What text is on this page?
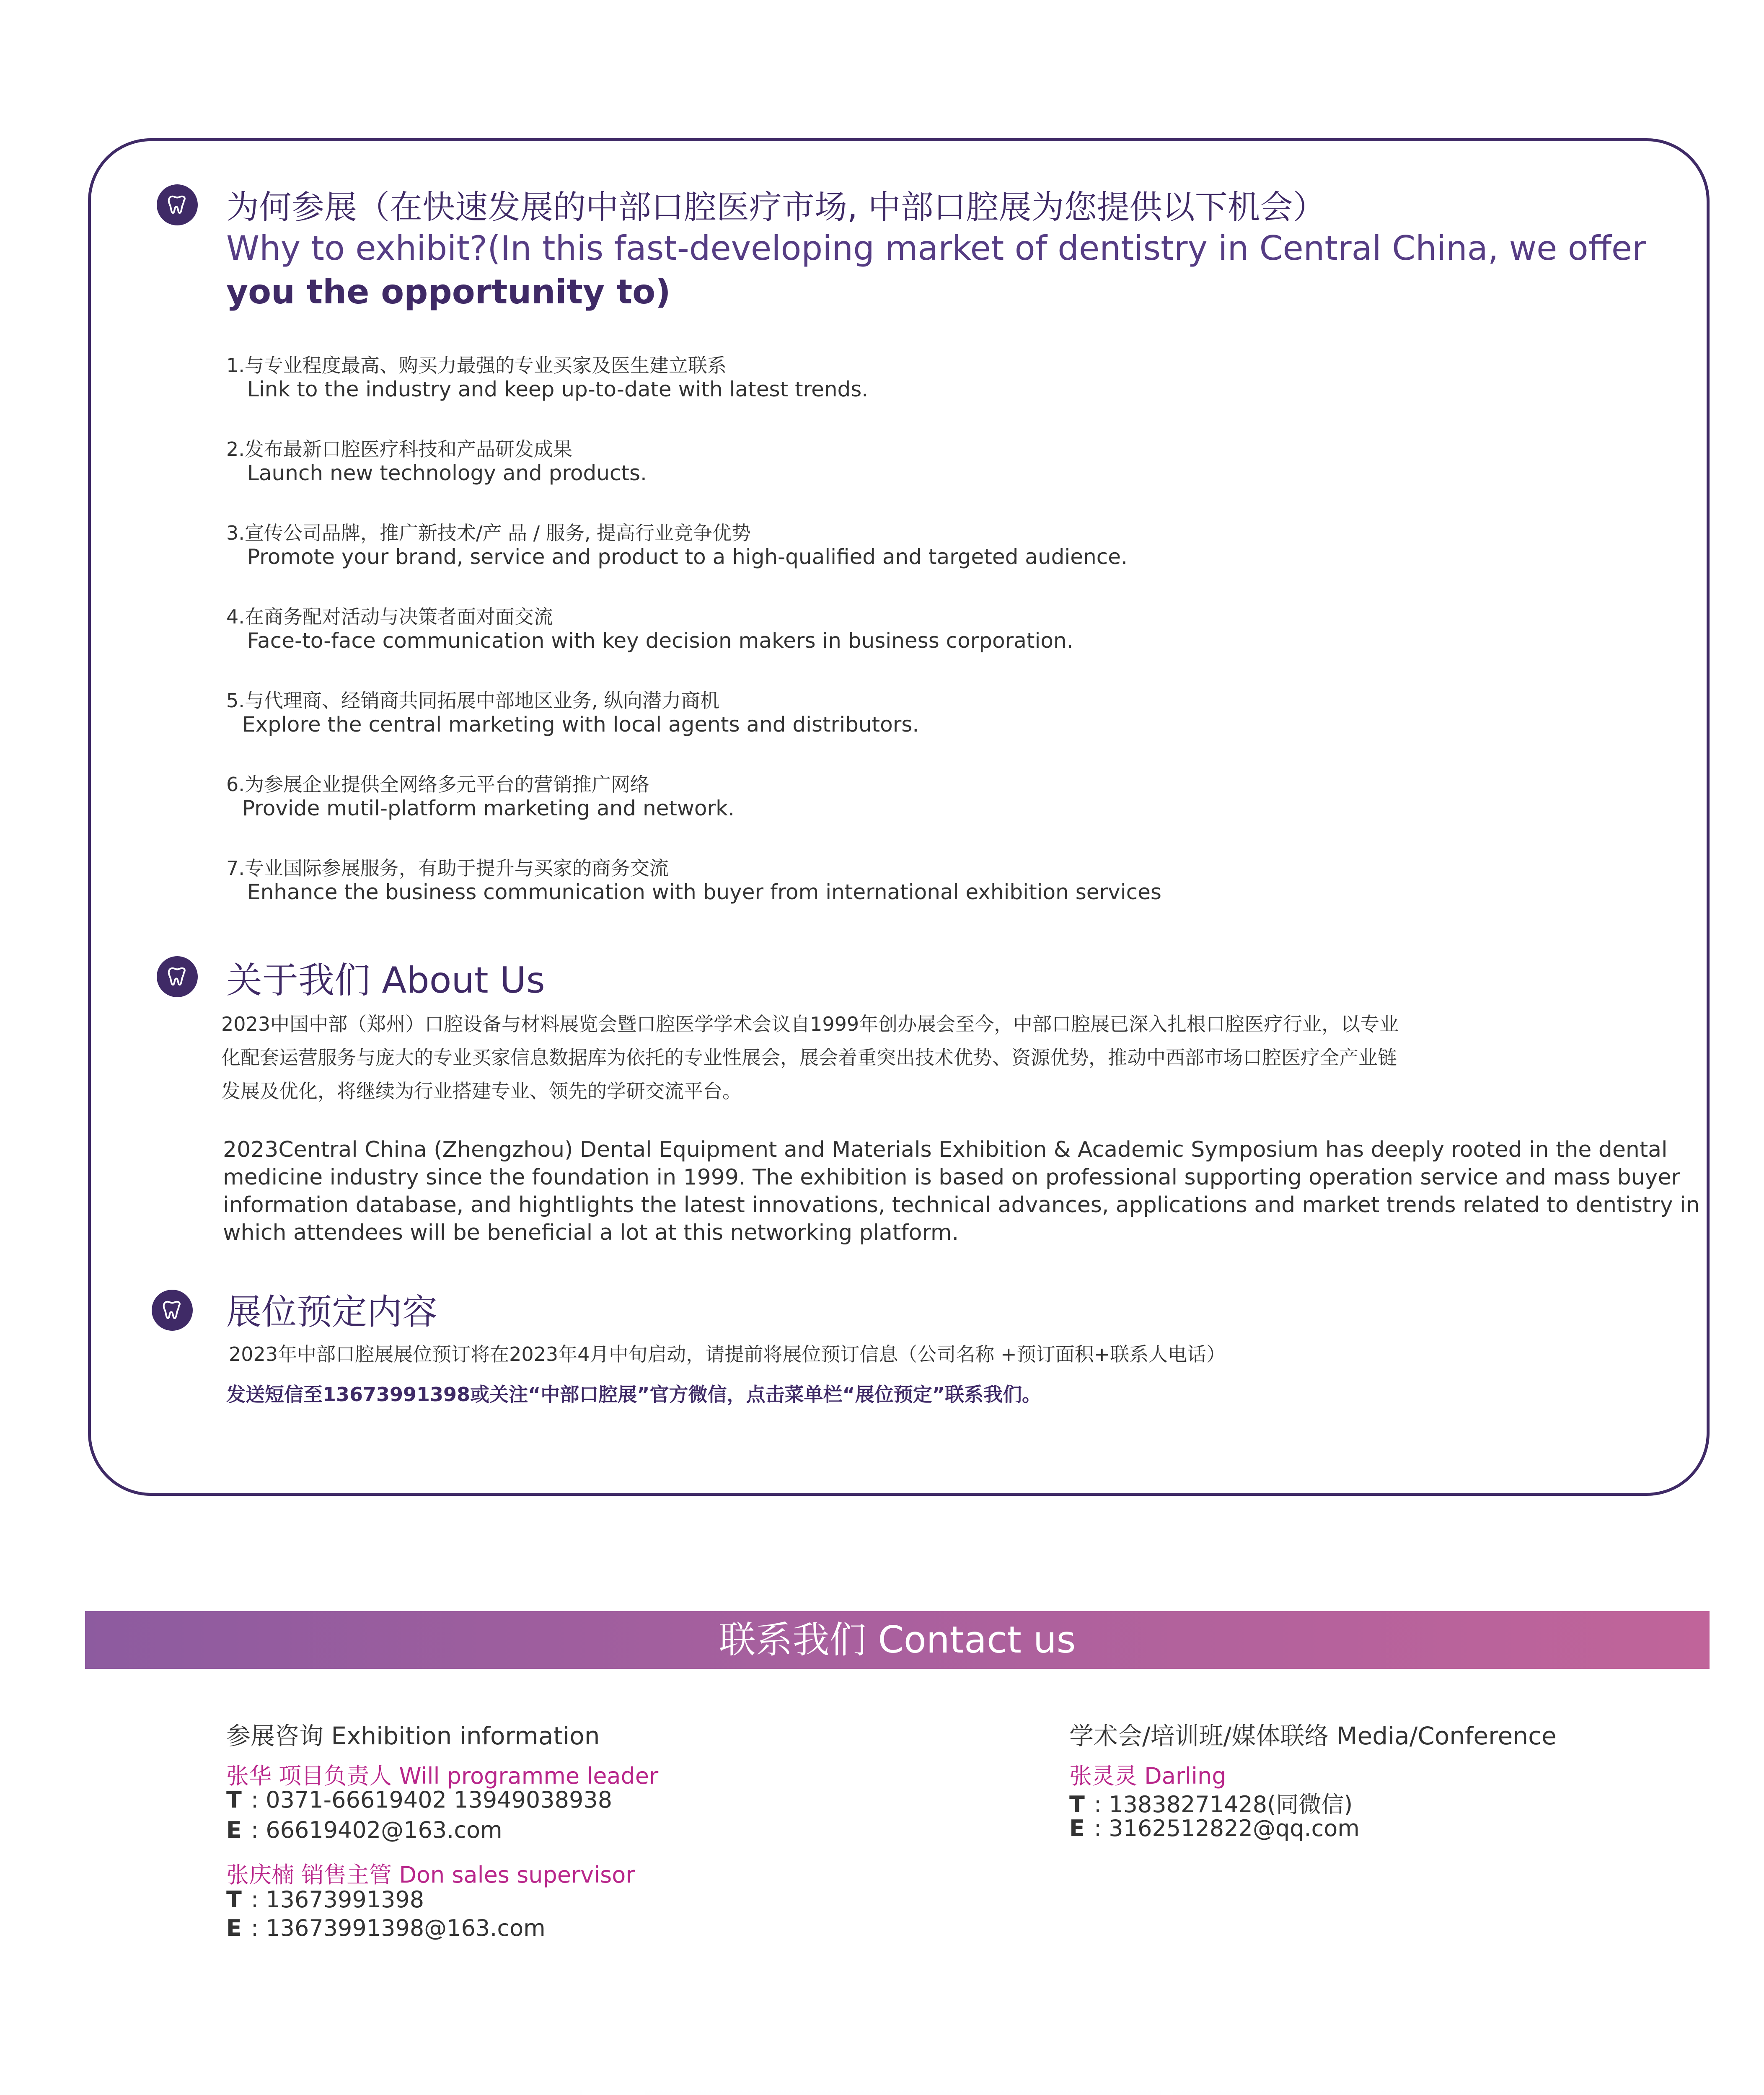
为何参展（在快速发展的中部口腔医疗市场, 中部口腔展为您提供以下机会）
Why to exhibit?(In this fast-developing market of dentistry in Central China, we offer
you the opportunity to)
1.与专业程度最高、购买力最强的专业买家及医生建立联系
Link to the industry and keep up-to-date with latest trends.
2.发布最新口腔医疗科技和产品研发成果
Launch new technology and products.
3.宣传公司品牌，推广新技术/产 品 / 服务, 提高行业竞争优势
Promote your brand, service and product to a high-qualified and targeted audience.
4.在商务配对活动与决策者面对面交流
Face-to-face communication with key decision makers in business corporation.
5.与代理商、经销商共同拓展中部地区业务, 纵向潜力商机
Explore the central marketing with local agents and distributors.
6.为参展企业提供全网络多元平台的营销推广网络
Provide mutil-platform marketing and network.
7.专业国际参展服务，有助于提升与买家的商务交流
Enhance the business communication with buyer from international exhibition services
关于我们 About Us
2023中国中部（郑州）口腔设备与材料展览会暨口腔医学学术会议自1999年创办展会至今，中部口腔展已深入扎根口腔医疗行业，以专业
化配套运营服务与庞大的专业买家信息数据库为依托的专业性展会，展会着重突出技术优势、资源优势，推动中西部市场口腔医疗全产业链
发展及优化，将继续为行业搭建专业、领先的学研交流平台。
2023Central China (Zhengzhou) Dental Equipment and Materials Exhibition & Academic Symposium has deeply rooted in the dental
medicine industry since the foundation in 1999. The exhibition is based on professional supporting operation service and mass buyer
information database, and hightlights the latest innovations, technical advances, applications and market trends related to dentistry in
which attendees will be beneficial a lot at this networking platform.
展位预定内容
2023年中部口腔展展位预订将在2023年4月中旬启动，请提前将展位预订信息（公司名称 +预订面积+联系人电话）
发送短信至13673991398或关注“中部口腔展”官方微信，点击菜单栏“展位预定”联系我们。
联系我们 Contact us
参展咨询 Exhibition information
张华 项目负责人 Will programme leader
T : 0371-66619402 13949038938
E : 66619402@163.com
张庆楠 销售主管 Don sales supervisor
T : 13673991398
E : 13673991398@163.com
学术会/培训班/媒体联络 Media/Conference
张灵灵 Darling
T : 13838271428(同微信)
E : 3162512822@qq.com
